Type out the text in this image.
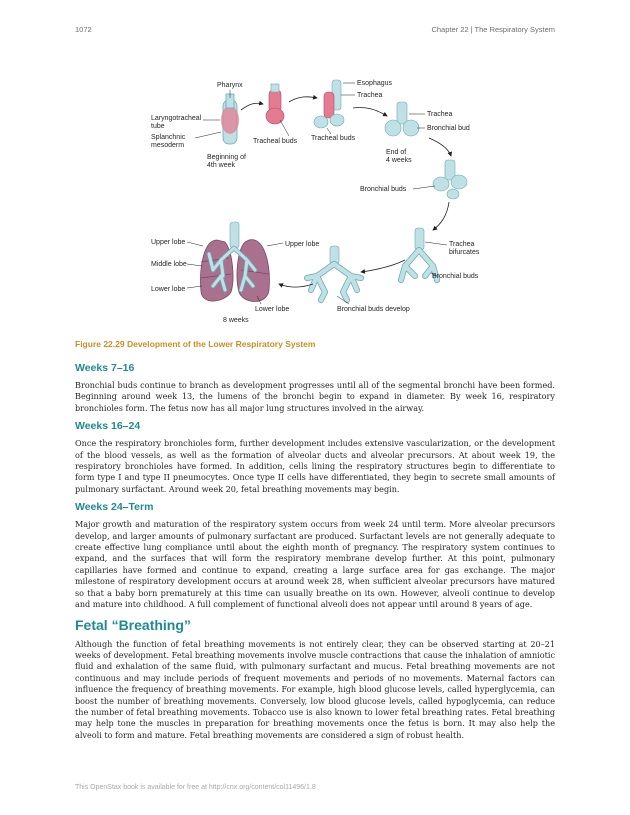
1072	Chapter 22 | The Respiratory System
Pharynx
Laryngotracheal
tube
Splanchnic
mesoderm
Beginning of
4th week
Tracheal buds
Esophagus
Trachea
Tracheal buds
Trachea
Bronchial bud
End of
4 weeks
Bronchial buds
Trachea
bifurcates
Bronchial buds
Bronchial buds develop
Upper lobe
Middle lobe
Lower lobe
Upper lobe
Lower lobe
8 weeks
Figure 22.29 Development of the Lower Respiratory System
Weeks 7–16

Bronchial buds continue to branch as development progresses until all of the segmental bronchi have been formed. Beginning around week 13, the lumens of the bronchi begin to expand in diameter. By week 16, respiratory bronchioles form. The fetus now has all major lung structures involved in the airway.

Weeks 16–24

Once the respiratory bronchioles form, further development includes extensive vascularization, or the development of the blood vessels, as well as the formation of alveolar ducts and alveolar precursors. At about week 19, the respiratory bronchioles have formed. In addition, cells lining the respiratory structures begin to differentiate to form type I and type II pneumocytes. Once type II cells have differentiated, they begin to secrete small amounts of pulmonary surfactant. Around week 20, fetal breathing movements may begin.

Weeks 24–Term

Major growth and maturation of the respiratory system occurs from week 24 until term. More alveolar precursors develop, and larger amounts of pulmonary surfactant are produced. Surfactant levels are not generally adequate to create effective lung compliance until about the eighth month of pregnancy. The respiratory system continues to expand, and the surfaces that will form the respiratory membrane develop further. At this point, pulmonary capillaries have formed and continue to expand, creating a large surface area for gas exchange. The major milestone of respiratory development occurs at around week 28, when sufficient alveolar precursors have matured so that a baby born prematurely at this time can usually breathe on its own. However, alveoli continue to develop and mature into childhood. A full complement of functional alveoli does not appear until around 8 years of age.

Fetal “Breathing”

Although the function of fetal breathing movements is not entirely clear, they can be observed starting at 20–21 weeks of development. Fetal breathing movements involve muscle contractions that cause the inhalation of amniotic fluid and exhalation of the same fluid, with pulmonary surfactant and mucus. Fetal breathing movements are not continuous and may include periods of frequent movements and periods of no movements. Maternal factors can influence the frequency of breathing movements. For example, high blood glucose levels, called hyperglycemia, can boost the number of breathing movements. Conversely, low blood glucose levels, called hypoglycemia, can reduce the number of fetal breathing movements. Tobacco use is also known to lower fetal breathing rates. Fetal breathing may help tone the muscles in preparation for breathing movements once the fetus is born. It may also help the alveoli to form and mature. Fetal breathing movements are considered a sign of robust health.

This OpenStax book is available for free at http://cnx.org/content/col11496/1.8
